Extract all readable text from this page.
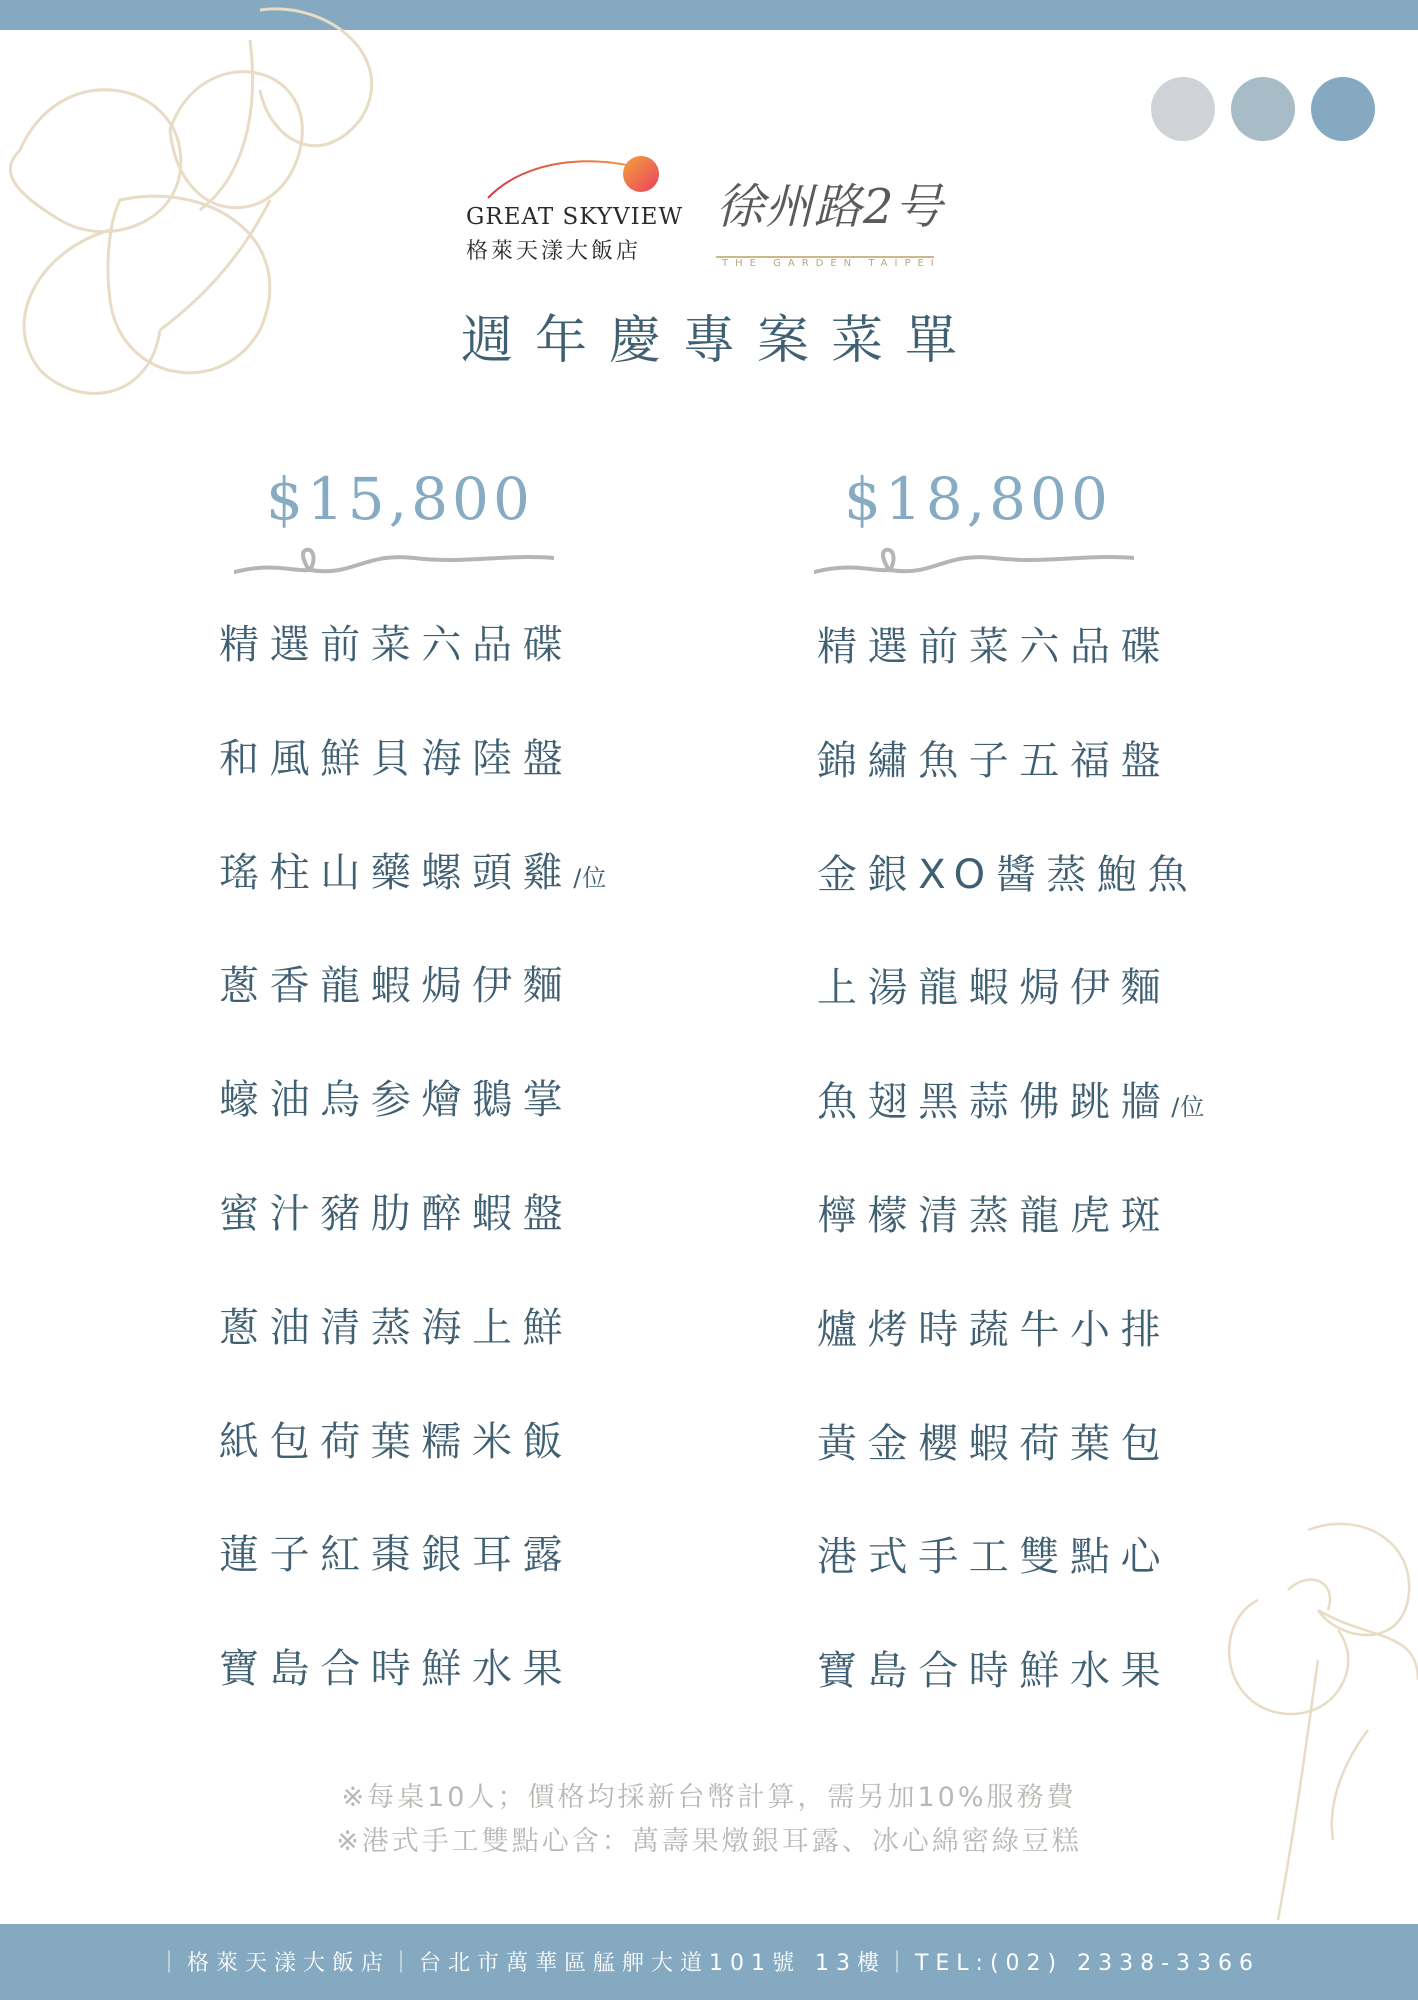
GREAT SKYVIEW
格萊天漾大飯店
徐州路2号
THE GARDEN TAIPEI
週年慶專案菜單
$15,800
精選前菜六品碟
和風鮮貝海陸盤
瑤柱山藥螺頭雞/位
蔥香龍蝦焗伊麵
蠔油烏参燴鵝掌
蜜汁豬肋醉蝦盤
蔥油清蒸海上鮮
紙包荷葉糯米飯
蓮子紅棗銀耳露
寶島合時鮮水果
$18,800
精選前菜六品碟
錦繡魚子五福盤
金銀XO醬蒸鮑魚
上湯龍蝦焗伊麵
魚翅黑蒜佛跳牆/位
檸檬清蒸龍虎斑
爐烤時蔬牛小排
黃金櫻蝦荷葉包
港式手工雙點心
寶島合時鮮水果
※每桌10人；價格均採新台幣計算，需另加10%服務費
※港式手工雙點心含：萬壽果燉銀耳露、冰心綿密綠豆糕
｜格萊天漾大飯店｜台北市萬華區艋舺大道101號 13樓｜TEL:(02) 2338-3366
